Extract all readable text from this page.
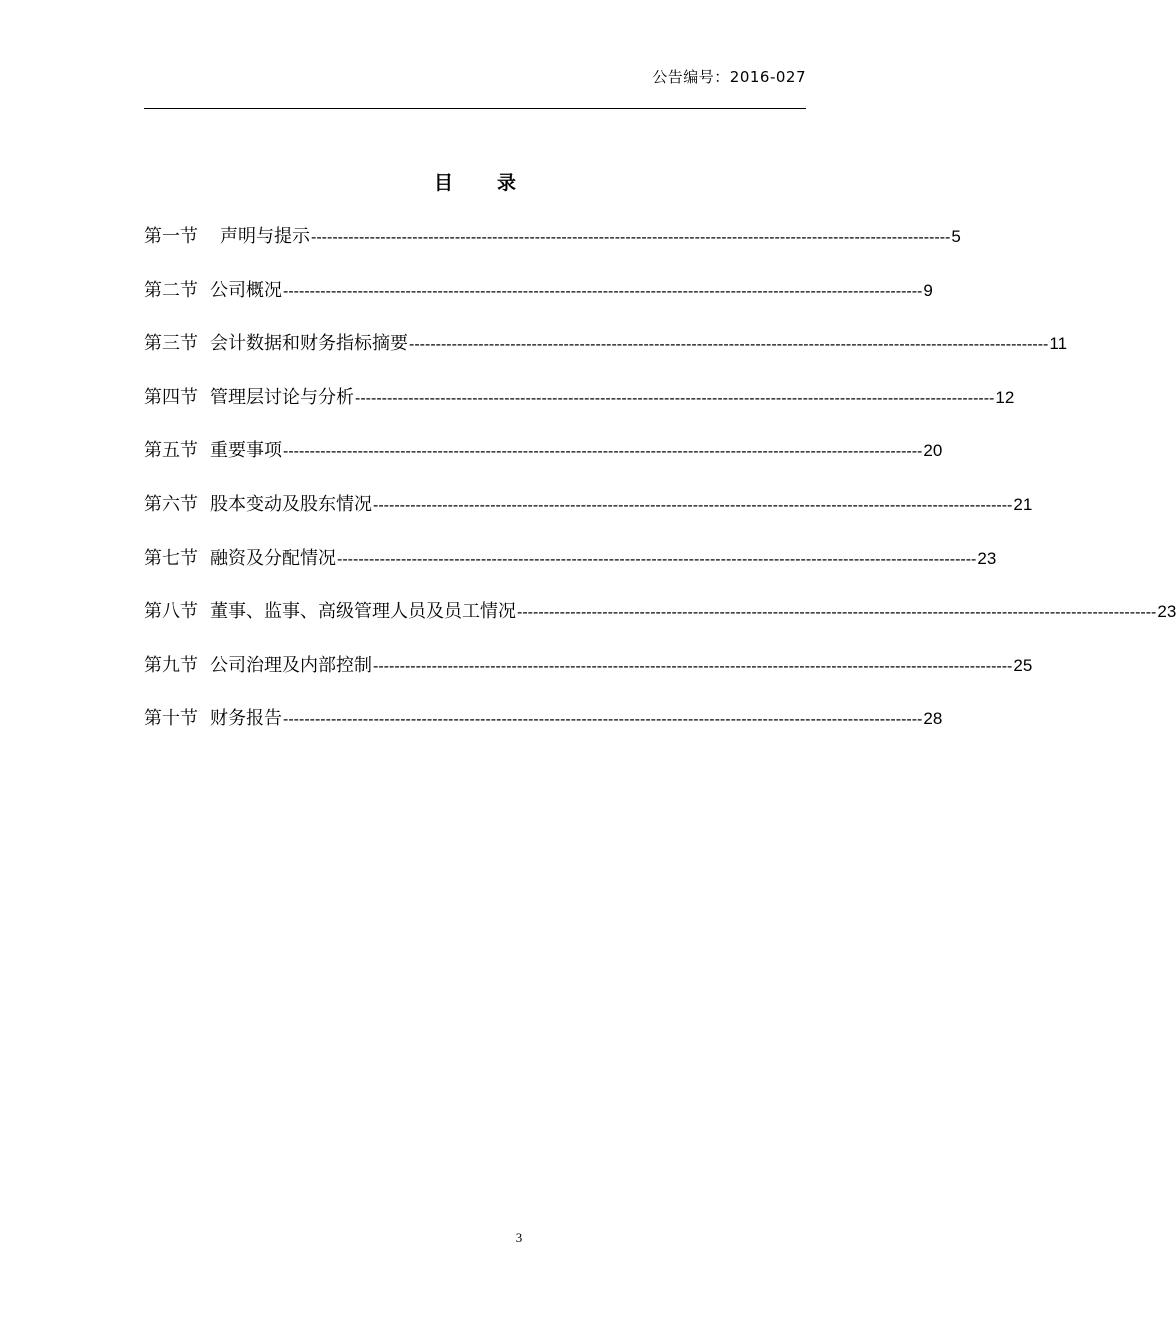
公告编号：2016-027
目 录
第一节 声明与提示 ------------------------------------------------------------------------------------------------------------------------ 5
第二节 公司概况 ------------------------------------------------------------------------------------------------------------------------ 9
第三节 会计数据和财务指标摘要 ------------------------------------------------------------------------------------------------------------------------ 11
第四节 管理层讨论与分析 ------------------------------------------------------------------------------------------------------------------------ 12
第五节 重要事项 ------------------------------------------------------------------------------------------------------------------------ 20
第六节 股本变动及股东情况 ------------------------------------------------------------------------------------------------------------------------ 21
第七节 融资及分配情况 ------------------------------------------------------------------------------------------------------------------------ 23
第八节 董事、监事、高级管理人员及员工情况 ------------------------------------------------------------------------------------------------------------------------ 23
第九节 公司治理及内部控制 ------------------------------------------------------------------------------------------------------------------------ 25
第十节 财务报告 ------------------------------------------------------------------------------------------------------------------------ 28
3
